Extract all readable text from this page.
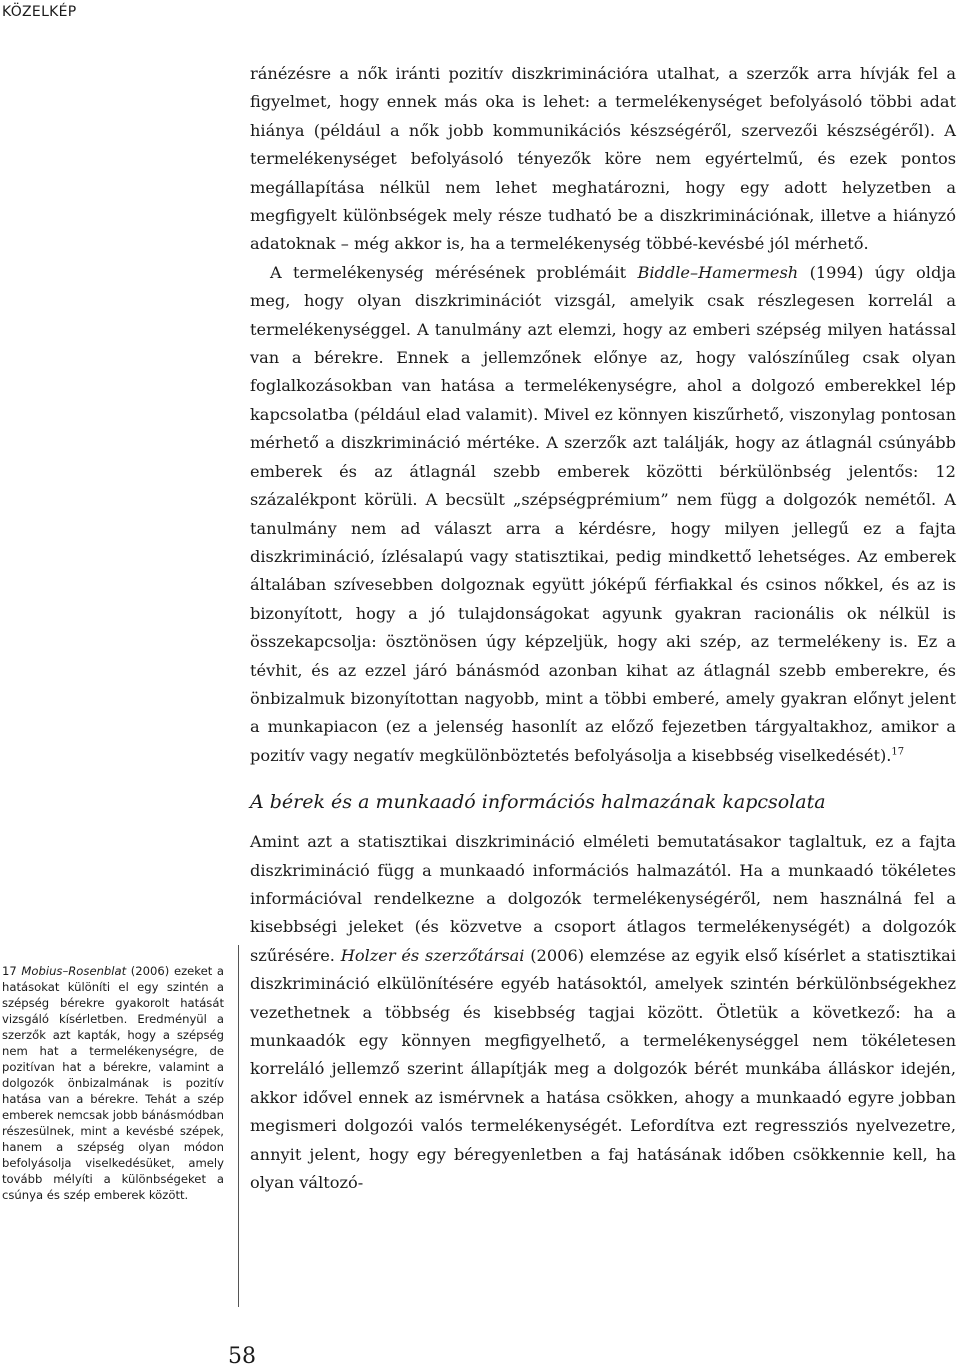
KÖZELKÉP

ránézésre a nők iránti pozitív diszkriminációra utalhat, a szerzők arra hívják fel a figyelmet, hogy ennek más oka is lehet: a termelékenységet befolyásoló többi adat hiánya (például a nők jobb kommunikációs készségéről, szervezői készségéről). A termelékenységet befolyásoló tényezők köre nem egyértelmű, és ezek pontos megállapítása nélkül nem lehet meghatározni, hogy egy adott helyzetben a megfigyelt különbségek mely része tudható be a diszkriminációnak, illetve a hiányzó adatoknak – még akkor is, ha a termelékenység többé-kevésbé jól mérhető.

A termelékenység mérésének problémáit Biddle–Hamermesh (1994) úgy oldja meg, hogy olyan diszkriminációt vizsgál, amelyik csak részlegesen korrelál a termelékenységgel. A tanulmány azt elemzi, hogy az emberi szépség milyen hatással van a bérekre. Ennek a jellemzőnek előnye az, hogy valószínűleg csak olyan foglalkozásokban van hatása a termelékenységre, ahol a dolgozó emberekkel lép kapcsolatba (például elad valamit). Mivel ez könnyen kiszűrhető, viszonylag pontosan mérhető a diszkrimináció mértéke. A szerzők azt találják, hogy az átlagnál csúnyább emberek és az átlagnál szebb emberek közötti bérkülönbség jelentős: 12 százalékpont körüli. A becsült „szépségprémium” nem függ a dolgozók nemétől. A tanulmány nem ad választ arra a kérdésre, hogy milyen jellegű ez a fajta diszkrimináció, ízlésalapú vagy statisztikai, pedig mindkettő lehetséges. Az emberek általában szívesebben dolgoznak együtt jóképű férfiakkal és csinos nőkkel, és az is bizonyított, hogy a jó tulajdonságokat agyunk gyakran racionális ok nélkül is összekapcsolja: ösztönösen úgy képzeljük, hogy aki szép, az termelékeny is. Ez a tévhit, és az ezzel járó bánásmód azonban kihat az átlagnál szebb emberekre, és önbizalmuk bizonyítottan nagyobb, mint a többi emberé, amely gyakran előnyt jelent a munkapiacon (ez a jelenség hasonlít az előző fejezetben tárgyaltakhoz, amikor a pozitív vagy negatív megkülönböztetés befolyásolja a kisebbség viselkedését).$^{17}$

A bérek és a munkaadó információs halmazának kapcsolata

Amint azt a statisztikai diszkrimináció elméleti bemutatásakor taglaltuk, ez a fajta diszkrimináció függ a munkaadó információs halmazától. Ha a munkaadó tökéletes információval rendelkezne a dolgozók termelékenységéről, nem használná fel a kisebbségi jeleket (és közvetve a csoport átlagos termelékenységét) a dolgozók szűrésére. Holzer és szerzőtársai (2006) elemzése az egyik első kísérlet a statisztikai diszkrimináció elkülönítésére egyéb hatásoktól, amelyek szintén bérkülönbségekhez vezethetnek a többség és kisebbség tagjai között. Ötletük a következő: ha a munkaadók egy könnyen megfigyelhető, a termelékenységgel nem tökéletesen korreláló jellemző szerint állapítják meg a dolgozók bérét munkába álláskor idején, akkor idővel ennek az ismérvnek a hatása csökken, ahogy a munkaadó egyre jobban megismeri dolgozói valós termelékenységét. Lefordítva ezt regressziós nyelvezetre, annyit jelent, hogy egy béregyenletben a faj hatásának időben csökkennie kell, ha olyan változó-

17 Mobius–Rosenblat (2006) ezeket a hatásokat különíti el egy szintén a szépség bérekre gyakorolt hatását vizsgáló kísérletben. Eredményül a szerzők azt kapták, hogy a szépség nem hat a termelékenységre, de pozitívan hat a bérekre, valamint a dolgozók önbizalmának is pozitív hatása van a bérekre. Tehát a szép emberek nemcsak jobb bánásmódban részesülnek, mint a kevésbé szépek, hanem a szépség olyan módon befolyásolja viselkedésüket, amely tovább mélyíti a különbségeket a csúnya és szép emberek között.
58
